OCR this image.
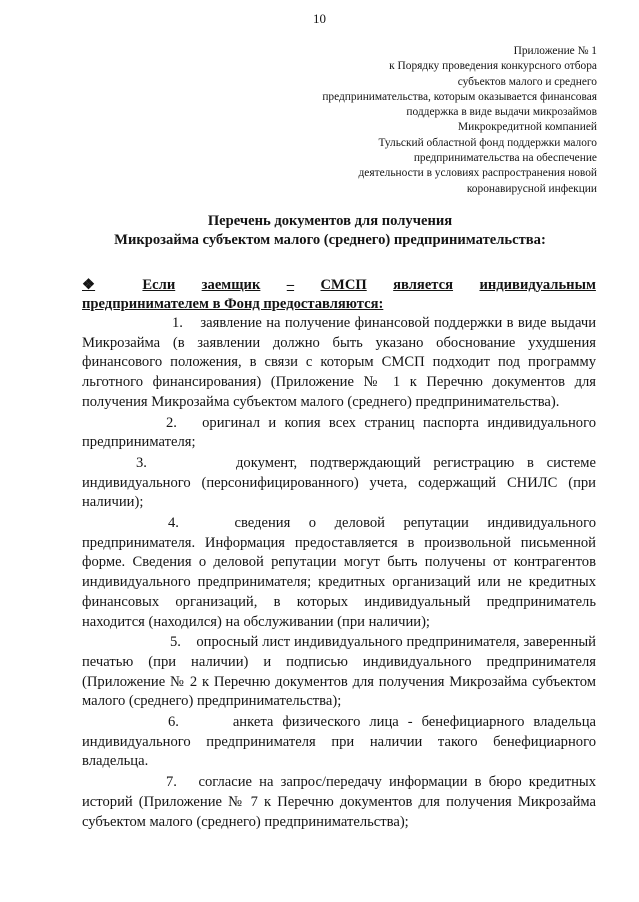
10
Приложение № 1
к Порядку проведения конкурсного отбора
субъектов малого и среднего
предпринимательства, которым оказывается финансовая
поддержка в виде выдачи микрозаймов
Микрокредитной компанией
Тульский областной фонд поддержки малого
предпринимательства на обеспечение
деятельности в условиях распространения новой
коронавирусной инфекции
Перечень документов для получения
Микрозайма субъектом малого (среднего) предпринимательства:
❖	Если заемщик – СМСП является индивидуальным
предпринимателем в Фонд предоставляются:
1. заявление на получение финансовой поддержки в виде выдачи Микрозайма (в заявлении должно быть указано обоснование ухудшения финансового положения, в связи с которым СМСП подходит под программу льготного финансирования) (Приложение № 1 к Перечню документов для получения Микрозайма субъектом малого (среднего) предпринимательства).
2. оригинал и копия всех страниц паспорта индивидуального предпринимателя;
3.	документ, подтверждающий регистрацию в системе индивидуального (персонифицированного) учета, содержащий СНИЛС (при наличии);
4.	сведения о деловой репутации индивидуального предпринимателя. Информация предоставляется в произвольной письменной форме. Сведения о деловой репутации могут быть получены от контрагентов индивидуального предпринимателя; кредитных организаций или не кредитных финансовых организаций, в которых индивидуальный предприниматель находится (находился) на обслуживании (при наличии);
5. опросный лист индивидуального предпринимателя, заверенный печатью (при наличии) и подписью индивидуального предпринимателя (Приложение № 2 к Перечню документов для получения Микрозайма субъектом малого (среднего) предпринимательства);
6.	анкета физического лица - бенефициарного владельца индивидуального предпринимателя при наличии такого бенефициарного владельца.
7. согласие на запрос/передачу информации в бюро кредитных историй (Приложение № 7 к Перечню документов для получения Микрозайма субъектом малого (среднего) предпринимательства);
